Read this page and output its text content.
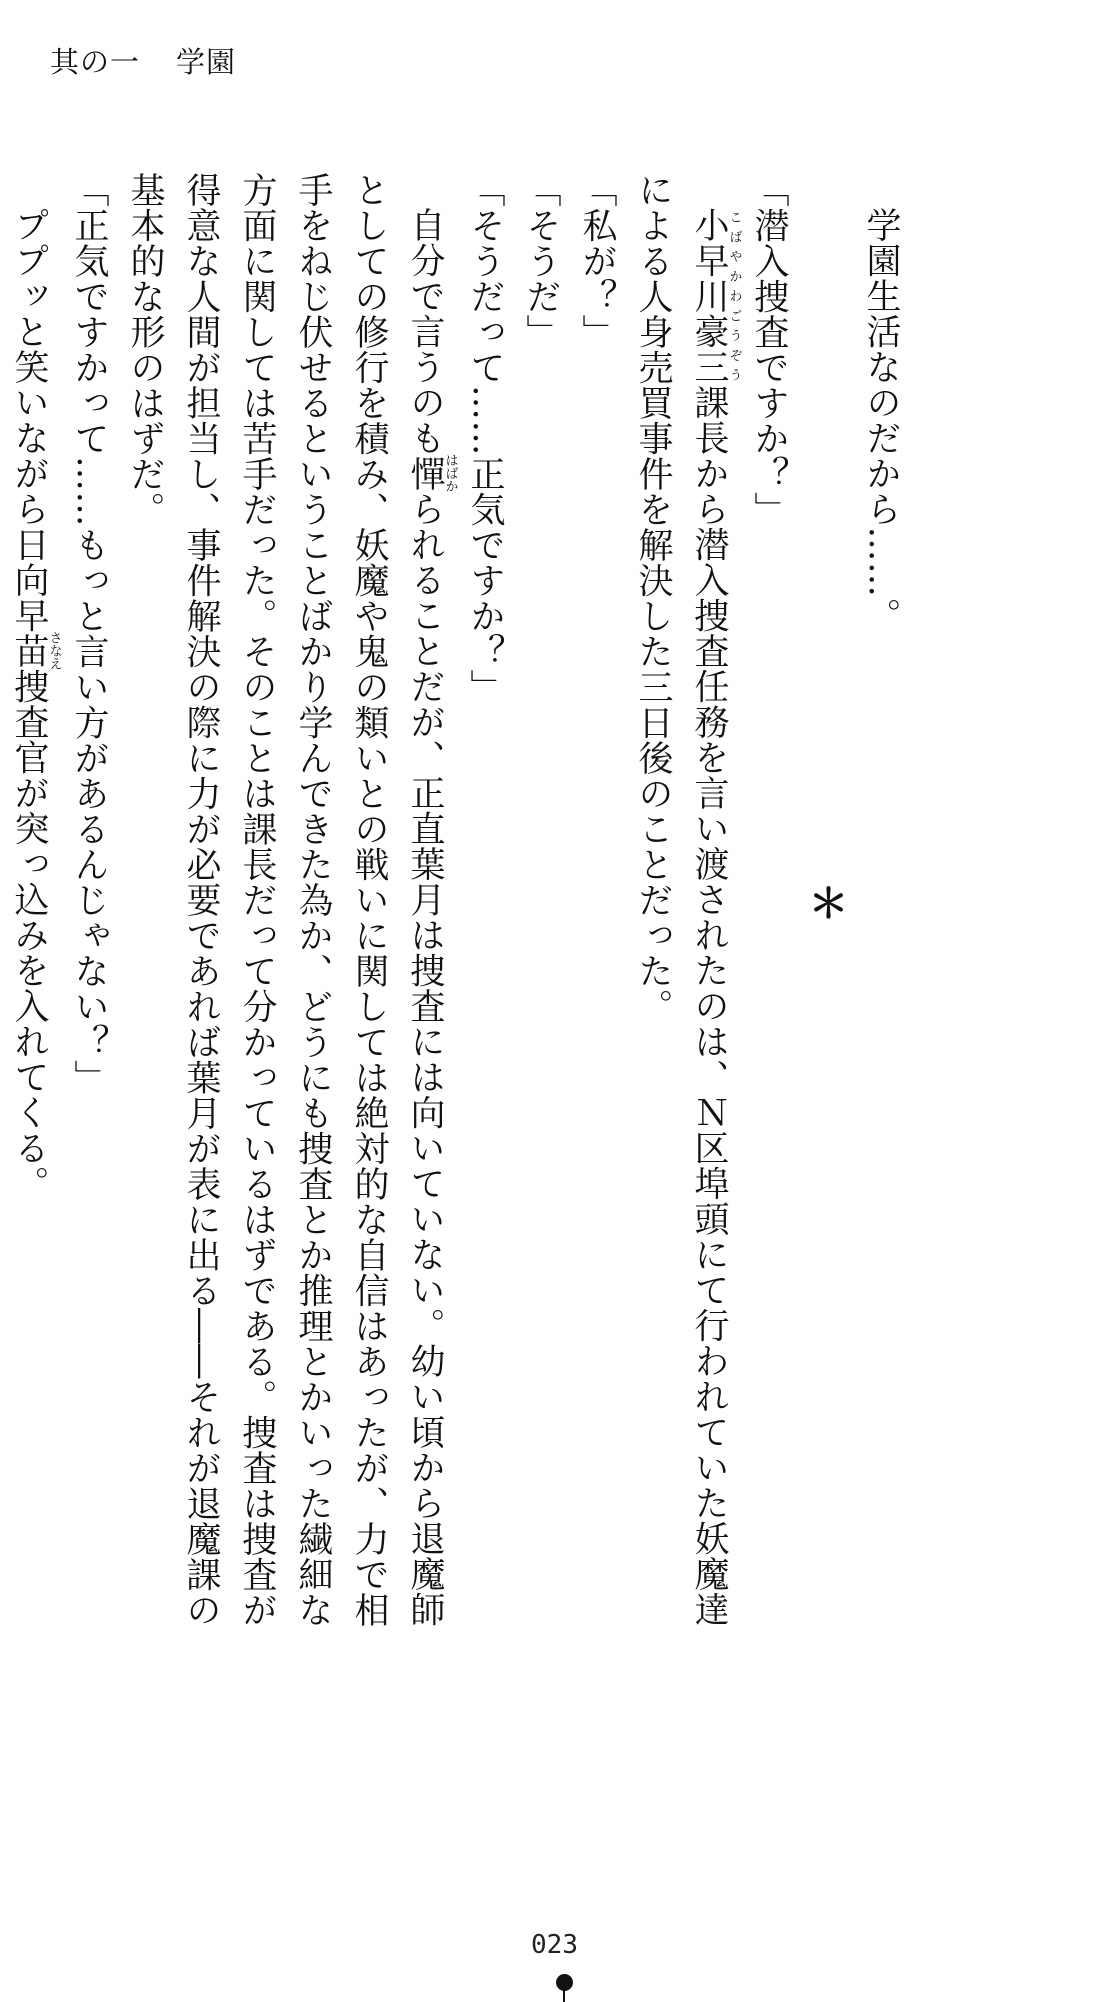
其の一 学園

学園生活なのだから……。

＊

「潜入捜査ですか？」

小早川豪三こばやかわごうぞう課長から潜入捜査任務を言い渡されたのは、Ｎ区埠頭にて行われていた妖魔達による人身売買事件を解決した三日後のことだった。

「私が？」

「そうだ」

「そうだって……正気ですか？」

自分で言うのも憚はばかられることだが、正直葉月は捜査には向いていない。幼い頃から退魔師としての修行を積み、妖魔や鬼の類いとの戦いに関しては絶対的な自信はあったが、力で相手をねじ伏せるということばかり学んできた為か、どうにも捜査とか推理とかいった繊細な方面に関しては苦手だった。そのことは課長だって分かっているはずである。捜査は捜査が得意な人間が担当し、事件解決の際に力が必要であれば葉月が表に出る――それが退魔課の基本的な形のはずだ。

「正気ですかって……もっと言い方があるんじゃない？」

ププッと笑いながら日向早苗さなえ捜査官が突っ込みを入れてくる。

023
